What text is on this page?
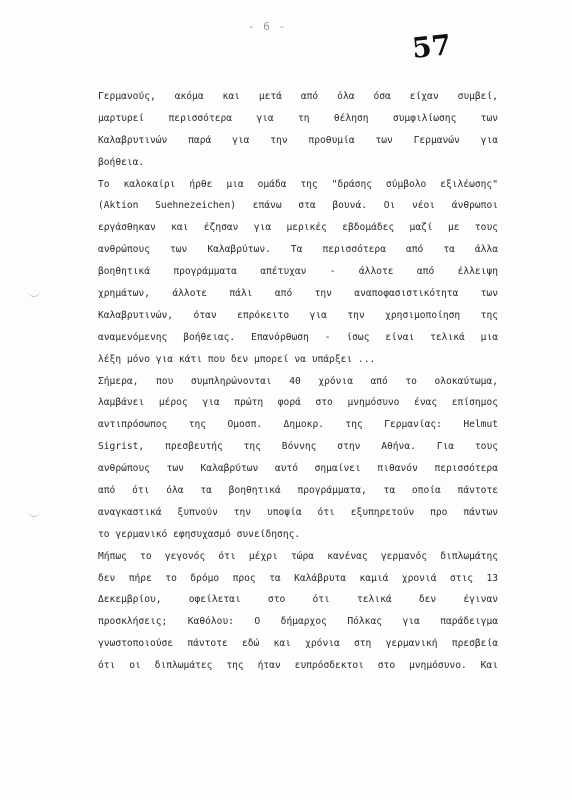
- 6 -
57
Γερμανούς, ακόμα και μετά από όλα όσα είχαν συμβεί,
μαρτυρεί περισσότερα για τη θέληση συμφιλίωσης των
Καλαβρυτινών παρά για την προθυμία των Γερμανών για
βοήθεια.
Το καλοκαίρι ήρθε μια ομάδα της "δράσης σύμβολο εξιλέωσης"
(Aktion Suehnezeichen) επάνω στα βουνά. Οι νέοι άνθρωποι
εργάσθηκαν και έζησαν για μερικές εβδομάδες μαζί με τους
ανθρώπους των Καλαβρύτων. Τα περισσότερα από τα άλλα
βοηθητικά προγράμματα απέτυχαν - άλλοτε από έλλειψη
χρημάτων, άλλοτε πάλι από την αναποφασιστικότητα των
Καλαβρυτινών, όταν επρόκειτο για την χρησιμοποίηση της
αναμενόμενης βοήθειας. Επανόρθωση - ίσως είναι τελικά μια
λέξη μόνο για κάτι που δεν μπορεί να υπάρξει ...
Σήμερα, που συμπληρώνονται 40 χρόνια από το ολοκαύτωμα,
λαμβάνει μέρος για πρώτη φορά στο μνημόσυνο ένας επίσημος
αντιπρόσωπος της Ομοσπ. Δημοκρ. της Γερμανίας: Helmut
Sigrist, πρεσβευτής της Βόννης στην Αθήνα. Για τους
ανθρώπους των Καλαβρύτων αυτό σημαίνει πιθανόν περισσότερα
από ότι όλα τα βοηθητικά προγράμματα, τα οποία πάντοτε
αναγκαστικά ξυπνούν την υποψία ότι εξυπηρετούν προ πάντων
το γερμανικό εφησυχασμό συνείδησης.
Μήπως το γεγονός ότι μέχρι τώρα κανένας γερμανός διπλωμάτης
δεν πήρε το δρόμο προς τα Καλάβρυτα καμιά χρονιά στις 13
Δεκεμβρίου, οφείλεται στο ότι τελικά δεν έγιναν
προσκλήσεις; Καθόλου: Ο δήμαρχος Πόλκας για παράδειγμα
γνωστοποιούσε πάντοτε εδώ και χρόνια στη γερμανική πρεσβεία
ότι οι διπλωμάτες της ήταν ευπρόσδεκτοι στο μνημόσυνο. Και
